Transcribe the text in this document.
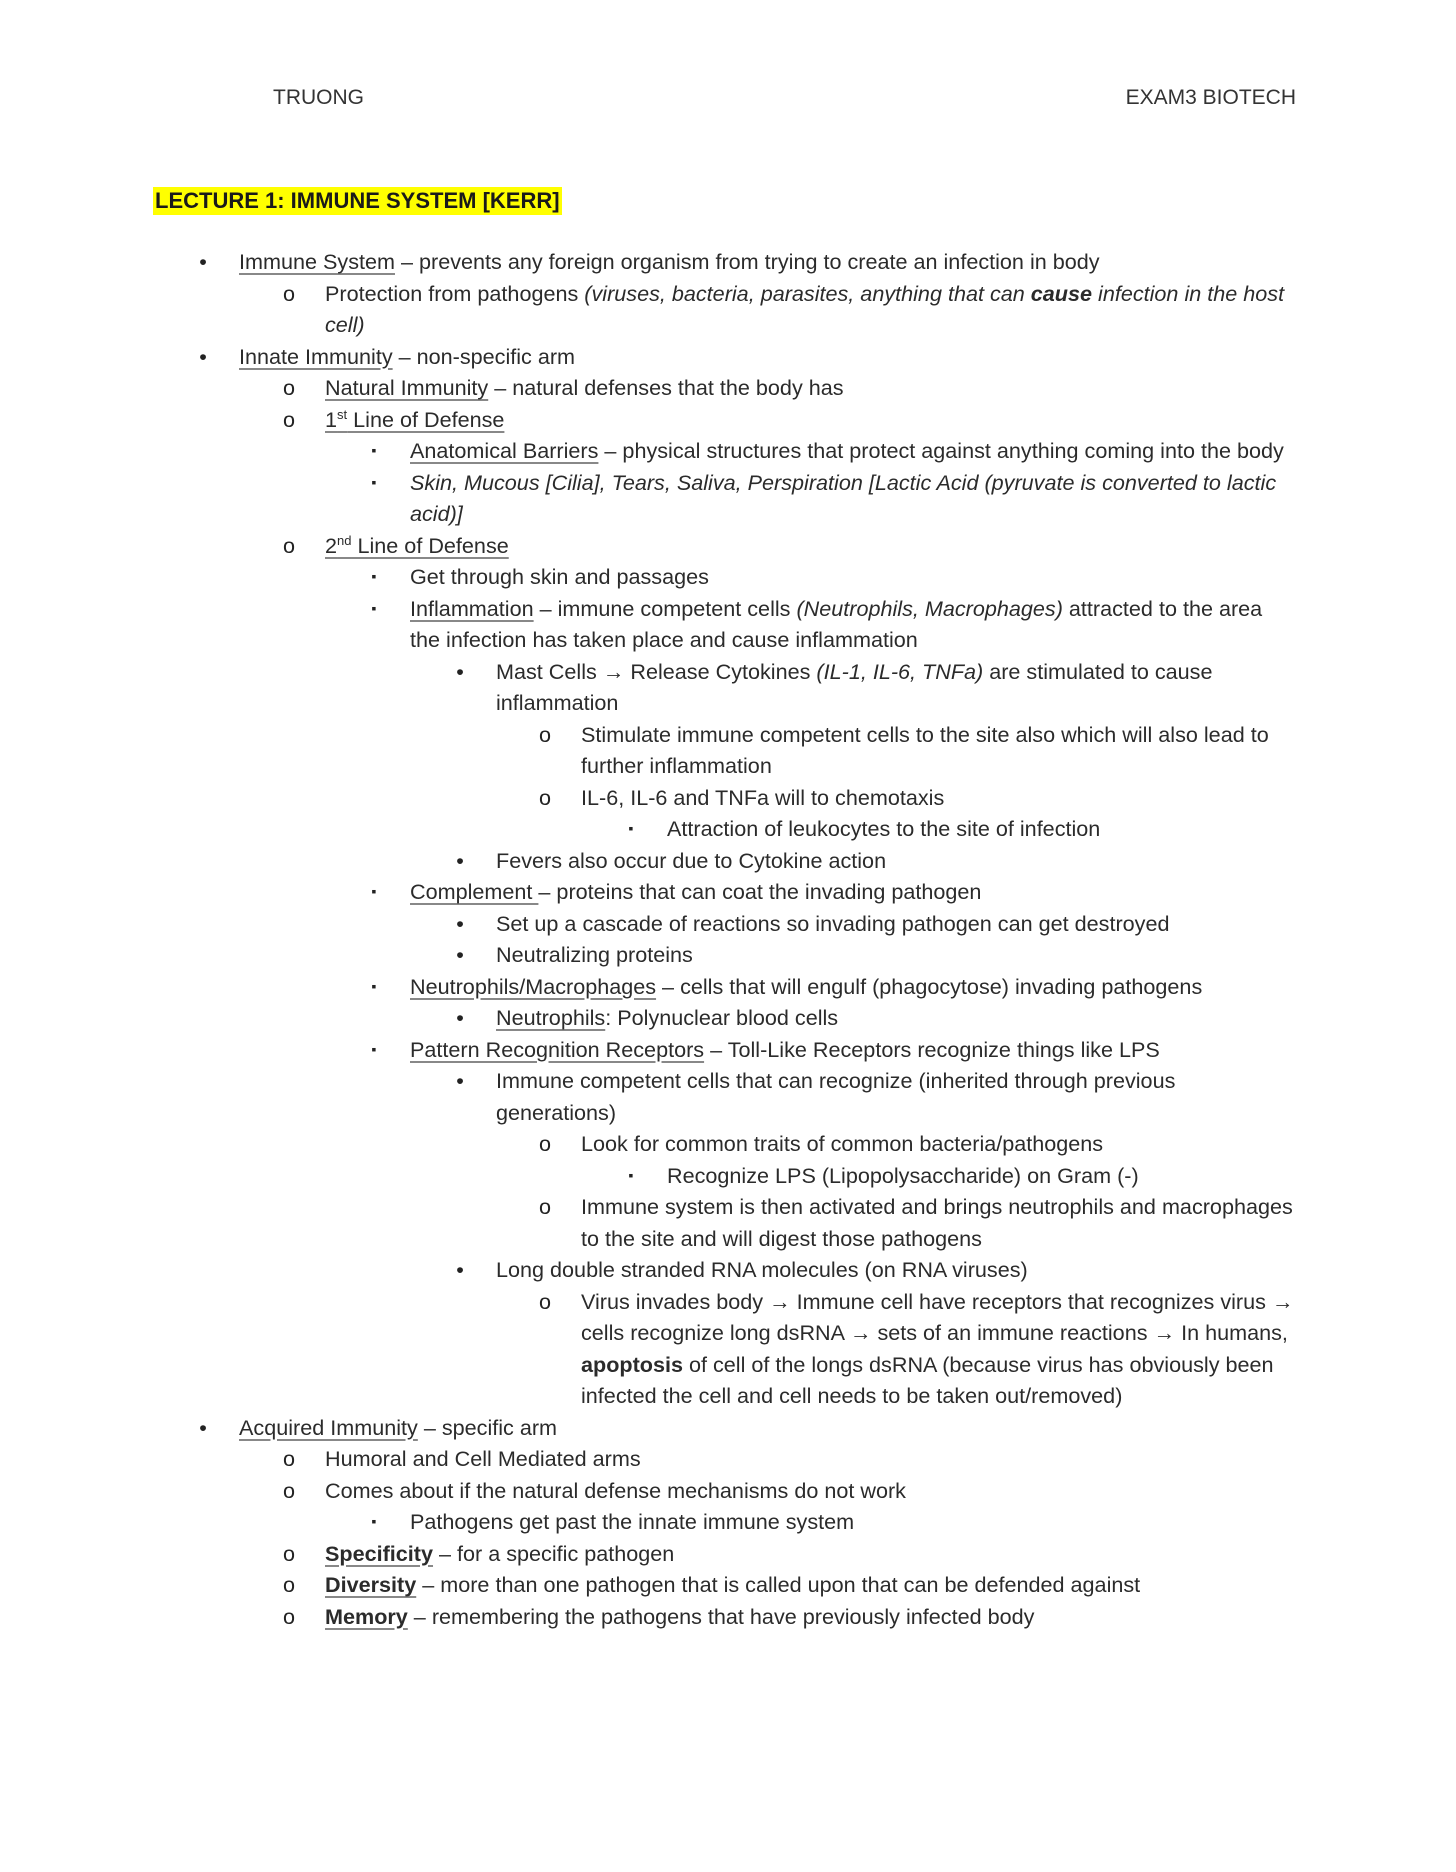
TRUONG	EXAM3 BIOTECH
LECTURE 1: IMMUNE SYSTEM [KERR]
• Immune System – prevents any foreign organism from trying to create an infection in body
o Protection from pathogens (viruses, bacteria, parasites, anything that can cause infection in the host cell)
• Innate Immunity – non-specific arm
o Natural Immunity – natural defenses that the body has
o 1st Line of Defense
▪	Anatomical Barriers – physical structures that protect against anything coming into the body
▪	Skin, Mucous [Cilia], Tears, Saliva, Perspiration [Lactic Acid (pyruvate is converted to lactic acid)]
o 2nd Line of Defense
▪	Get through skin and passages
▪	Inflammation – immune competent cells (Neutrophils, Macrophages) attracted to the area the infection has taken place and cause inflammation
• Mast Cells → Release Cytokines (IL-1, IL-6, TNFa) are stimulated to cause inflammation
o Stimulate immune competent cells to the site also which will also lead to further inflammation
o IL-6, IL-6 and TNFa will to chemotaxis
▪	Attraction of leukocytes to the site of infection
• Fevers also occur due to Cytokine action
▪	Complement – proteins that can coat the invading pathogen
• Set up a cascade of reactions so invading pathogen can get destroyed
• Neutralizing proteins
▪	Neutrophils/Macrophages – cells that will engulf (phagocytose) invading pathogens
• Neutrophils: Polynuclear blood cells
▪	Pattern Recognition Receptors – Toll-Like Receptors recognize things like LPS
• Immune competent cells that can recognize (inherited through previous generations)
o Look for common traits of common bacteria/pathogens
▪	Recognize LPS (Lipopolysaccharide) on Gram (-)
o Immune system is then activated and brings neutrophils and macrophages to the site and will digest those pathogens
• Long double stranded RNA molecules (on RNA viruses)
o Virus invades body → Immune cell have receptors that recognizes virus → cells recognize long dsRNA → sets of an immune reactions → In humans, apoptosis of cell of the longs dsRNA (because virus has obviously been infected the cell and cell needs to be taken out/removed)
• Acquired Immunity – specific arm
o Humoral and Cell Mediated arms
o Comes about if the natural defense mechanisms do not work
▪	Pathogens get past the innate immune system
o Specificity – for a specific pathogen
o Diversity – more than one pathogen that is called upon that can be defended against
o Memory – remembering the pathogens that have previously infected body
